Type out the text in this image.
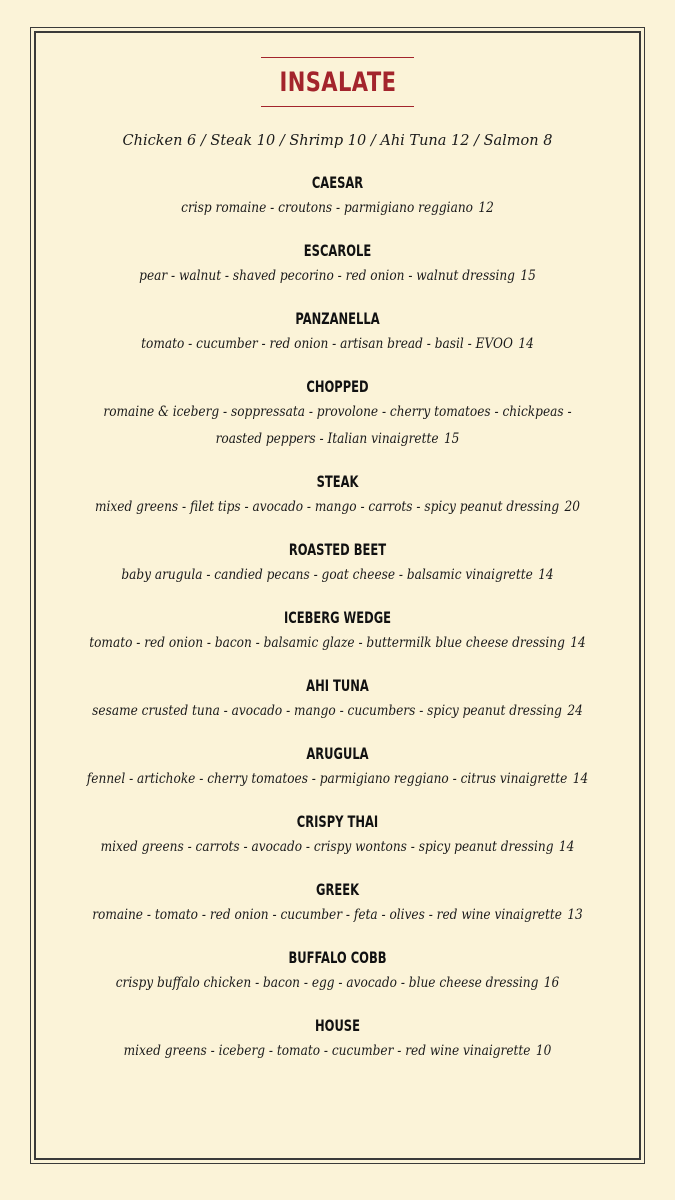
INSALATE
Chicken 6 / Steak 10 / Shrimp 10 / Ahi Tuna 12 / Salmon 8
CAESAR
crisp romaine - croutons - parmigiano reggiano 12
ESCAROLE
pear - walnut - shaved pecorino - red onion - walnut dressing 15
PANZANELLA
tomato - cucumber - red onion - artisan bread - basil - EVOO 14
CHOPPED
romaine & iceberg - soppressata - provolone - cherry tomatoes - chickpeas -
roasted peppers - Italian vinaigrette 15
STEAK
mixed greens - filet tips - avocado - mango - carrots - spicy peanut dressing 20
ROASTED BEET
baby arugula - candied pecans - goat cheese - balsamic vinaigrette 14
ICEBERG WEDGE
tomato - red onion - bacon - balsamic glaze - buttermilk blue cheese dressing 14
AHI TUNA
sesame crusted tuna - avocado - mango - cucumbers - spicy peanut dressing 24
ARUGULA
fennel - artichoke - cherry tomatoes - parmigiano reggiano - citrus vinaigrette 14
CRISPY THAI
mixed greens - carrots - avocado - crispy wontons - spicy peanut dressing 14
GREEK
romaine - tomato - red onion - cucumber - feta - olives - red wine vinaigrette 13
BUFFALO COBB
crispy buffalo chicken - bacon - egg - avocado - blue cheese dressing 16
HOUSE
mixed greens - iceberg - tomato - cucumber - red wine vinaigrette 10
